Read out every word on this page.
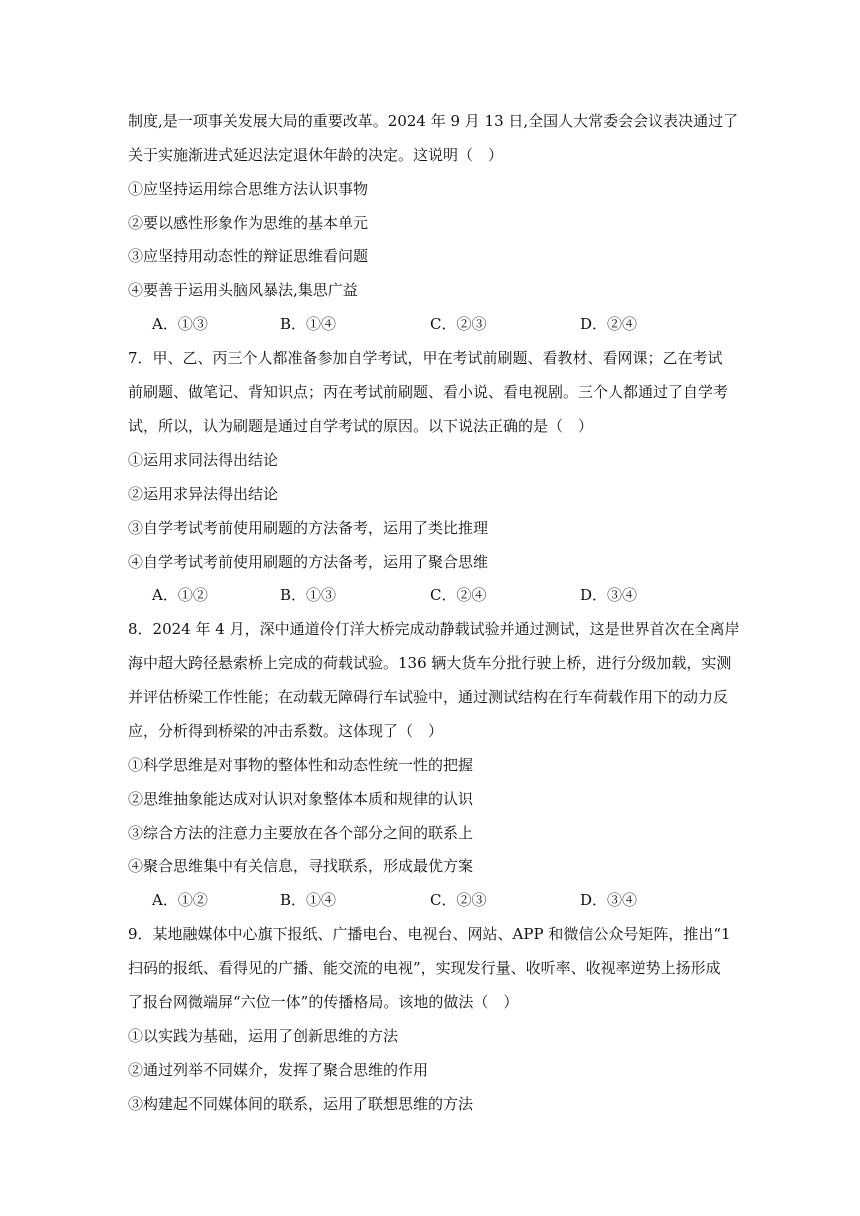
制度,是一项事关发展大局的重要改革。2024 年 9 月 13 日,全国人大常委会会议表决通过了
关于实施渐进式延迟法定退休年龄的决定。这说明（　）
①应坚持运用综合思维方法认识事物
②要以感性形象作为思维的基本单元
③应坚持用动态性的辩证思维看问题
④要善于运用头脑风暴法,集思广益
A．①③	B．①④	C．②③	D．②④
7．甲、乙、丙三个人都准备参加自学考试，甲在考试前刷题、看教材、看网课；乙在考试
前刷题、做笔记、背知识点；丙在考试前刷题、看小说、看电视剧。三个人都通过了自学考
试，所以，认为刷题是通过自学考试的原因。以下说法正确的是（　）
①运用求同法得出结论
②运用求异法得出结论
③自学考试考前使用刷题的方法备考，运用了类比推理
④自学考试考前使用刷题的方法备考，运用了聚合思维
A．①②	B．①③	C．②④	D．③④
8．2024 年 4 月，深中通道伶仃洋大桥完成动静载试验并通过测试，这是世界首次在全离岸
海中超大跨径悬索桥上完成的荷载试验。136 辆大货车分批行驶上桥，进行分级加载，实测
并评估桥梁工作性能；在动载无障碍行车试验中，通过测试结构在行车荷载作用下的动力反
应，分析得到桥梁的冲击系数。这体现了（　）
①科学思维是对事物的整体性和动态性统一性的把握
②思维抽象能达成对认识对象整体本质和规律的认识
③综合方法的注意力主要放在各个部分之间的联系上
④聚合思维集中有关信息，寻找联系，形成最优方案
A．①②	B．①④	C．②③	D．③④
9．某地融媒体中心旗下报纸、广播电台、电视台、网站、APP 和微信公众号矩阵，推出“1
扫码的报纸、看得见的广播、能交流的电视”，实现发行量、收听率、收视率逆势上扬形成
了报台网微端屏“六位一体”的传播格局。该地的做法（　）
①以实践为基础，运用了创新思维的方法
②通过列举不同媒介，发挥了聚合思维的作用
③构建起不同媒体间的联系，运用了联想思维的方法
